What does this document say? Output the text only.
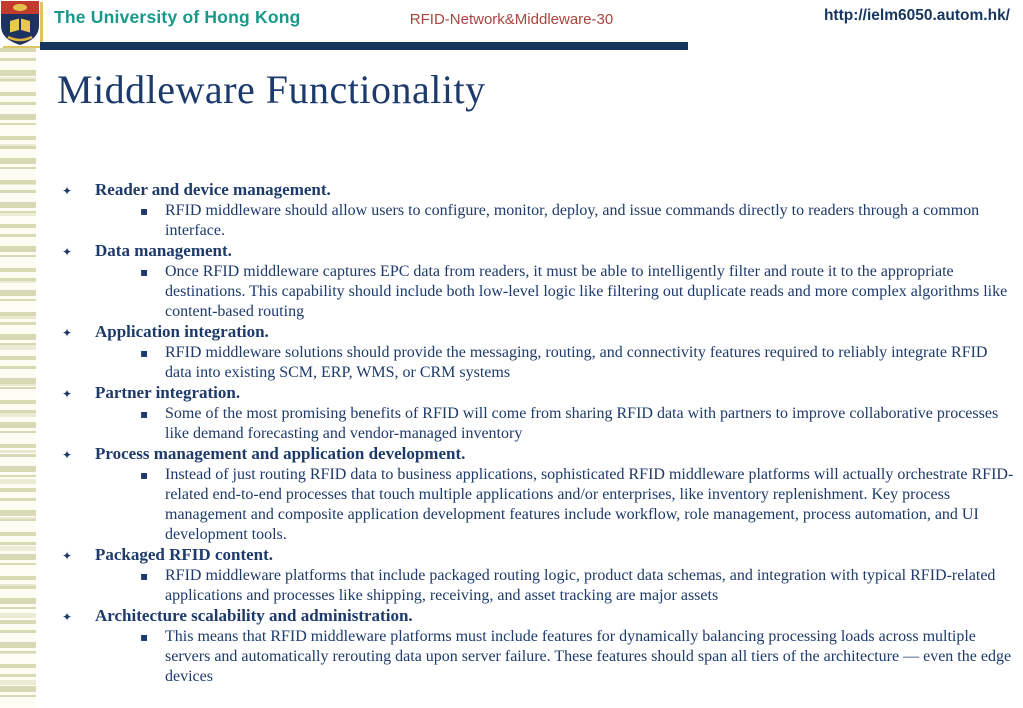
The University of Hong Kong	RFID-Network&Middleware-30	http://ielm6050.autom.hk/
Middleware Functionality
✦	Reader and device management.
▪	RFID middleware should allow users to configure, monitor, deploy, and issue commands directly to readers through a common interface.
✦	Data management.
▪	Once RFID middleware captures EPC data from readers, it must be able to intelligently filter and route it to the appropriate destinations. This capability should include both low-level logic like filtering out duplicate reads and more complex algorithms like content-based routing
✦	Application integration.
▪	RFID middleware solutions should provide the messaging, routing, and connectivity features required to reliably integrate RFID data into existing SCM, ERP, WMS, or CRM systems
✦	Partner integration.
▪	Some of the most promising benefits of RFID will come from sharing RFID data with partners to improve collaborative processes like demand forecasting and vendor-managed inventory
✦	Process management and application development.
▪	Instead of just routing RFID data to business applications, sophisticated RFID middleware platforms will actually orchestrate RFID-related end-to-end processes that touch multiple applications and/or enterprises, like inventory replenishment. Key process management and composite application development features include workflow, role management, process automation, and UI development tools.
✦	Packaged RFID content.
▪	RFID middleware platforms that include packaged routing logic, product data schemas, and integration with typical RFID-related applications and processes like shipping, receiving, and asset tracking are major assets
✦	Architecture scalability and administration.
▪	This means that RFID middleware platforms must include features for dynamically balancing processing loads across multiple servers and automatically rerouting data upon server failure. These features should span all tiers of the architecture — even the edge devices
